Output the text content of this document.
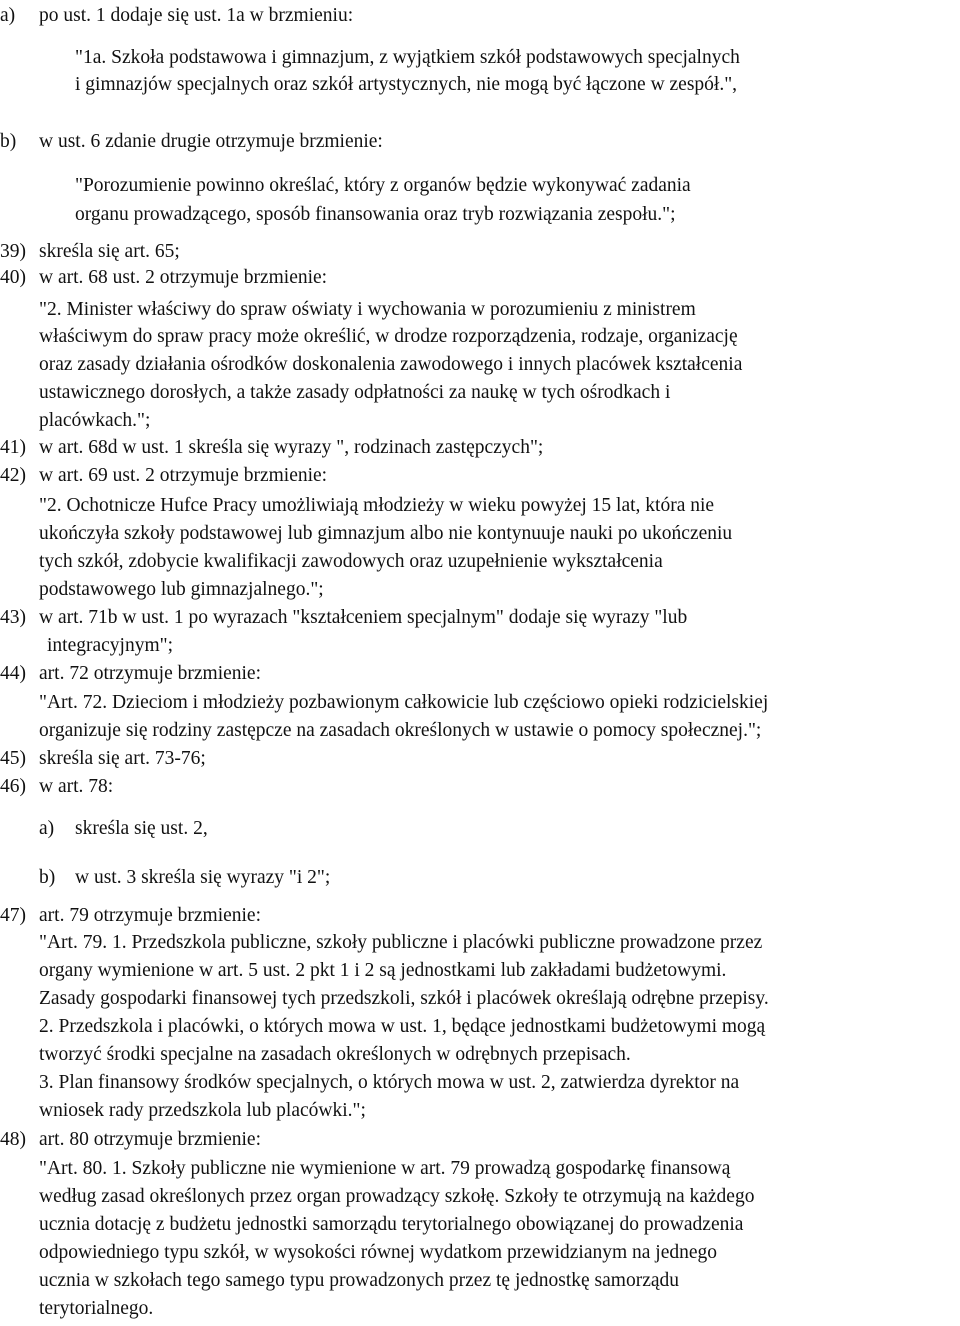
a) po ust. 1 dodaje się ust. 1a w brzmieniu:
"1a. Szkoła podstawowa i gimnazjum, z wyjątkiem szkół podstawowych specjalnych
i gimnazjów specjalnych oraz szkół artystycznych, nie mogą być łączone w zespół.",
b) w ust. 6 zdanie drugie otrzymuje brzmienie:
"Porozumienie powinno określać, który z organów będzie wykonywać zadania
organu prowadzącego, sposób finansowania oraz tryb rozwiązania zespołu.";
39) skreśla się art. 65;
40) w art. 68 ust. 2 otrzymuje brzmienie:
"2. Minister właściwy do spraw oświaty i wychowania w porozumieniu z ministrem
właściwym do spraw pracy może określić, w drodze rozporządzenia, rodzaje, organizację
oraz zasady działania ośrodków doskonalenia zawodowego i innych placówek kształcenia
ustawicznego dorosłych, a także zasady odpłatności za naukę w tych ośrodkach i
placówkach.";
41) w art. 68d w ust. 1 skreśla się wyrazy ", rodzinach zastępczych";
42) w art. 69 ust. 2 otrzymuje brzmienie:
"2. Ochotnicze Hufce Pracy umożliwiają młodzieży w wieku powyżej 15 lat, która nie
ukończyła szkoły podstawowej lub gimnazjum albo nie kontynuuje nauki po ukończeniu
tych szkół, zdobycie kwalifikacji zawodowych oraz uzupełnienie wykształcenia
podstawowego lub gimnazjalnego.";
43) w art. 71b w ust. 1 po wyrazach "kształceniem specjalnym" dodaje się wyrazy "lub
integracyjnym";
44) art. 72 otrzymuje brzmienie:
"Art. 72. Dzieciom i młodzieży pozbawionym całkowicie lub częściowo opieki rodzicielskiej
organizuje się rodziny zastępcze na zasadach określonych w ustawie o pomocy społecznej.";
45) skreśla się art. 73-76;
46) w art. 78:
a) skreśla się ust. 2,
b) w ust. 3 skreśla się wyrazy "i 2";
47) art. 79 otrzymuje brzmienie:
"Art. 79. 1. Przedszkola publiczne, szkoły publiczne i placówki publiczne prowadzone przez
organy wymienione w art. 5 ust. 2 pkt 1 i 2 są jednostkami lub zakładami budżetowymi.
Zasady gospodarki finansowej tych przedszkoli, szkół i placówek określają odrębne przepisy.
2. Przedszkola i placówki, o których mowa w ust. 1, będące jednostkami budżetowymi mogą
tworzyć środki specjalne na zasadach określonych w odrębnych przepisach.
3. Plan finansowy środków specjalnych, o których mowa w ust. 2, zatwierdza dyrektor na
wniosek rady przedszkola lub placówki.";
48) art. 80 otrzymuje brzmienie:
"Art. 80. 1. Szkoły publiczne nie wymienione w art. 79 prowadzą gospodarkę finansową
według zasad określonych przez organ prowadzący szkołę. Szkoły te otrzymują na każdego
ucznia dotację z budżetu jednostki samorządu terytorialnego obowiązanej do prowadzenia
odpowiedniego typu szkół, w wysokości równej wydatkom przewidzianym na jednego
ucznia w szkołach tego samego typu prowadzonych przez tę jednostkę samorządu
terytorialnego.
